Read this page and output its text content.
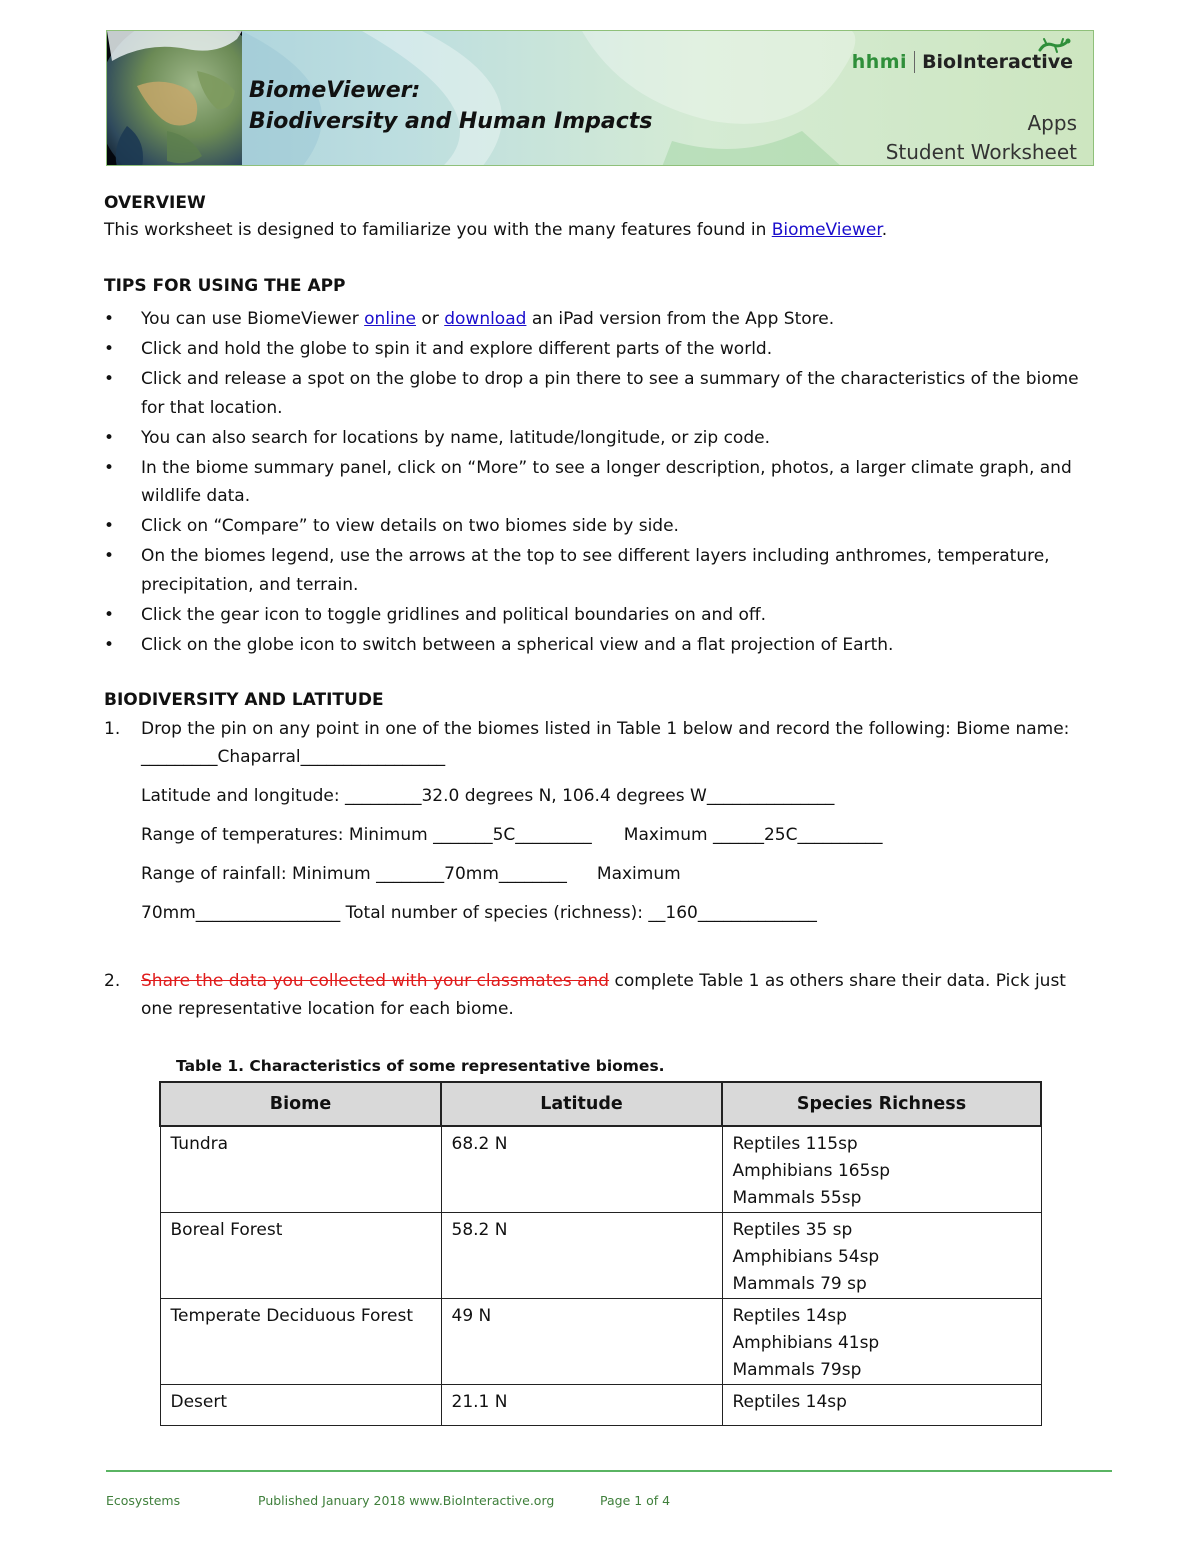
BiomeViewer:
Biodiversity and Human Impacts
hhmi BioInteractive
Apps
Student Worksheet
OVERVIEW

This worksheet is designed to familiarize you with the many features found in BiomeViewer.

TIPS FOR USING THE APP
• You can use BiomeViewer online or download an iPad version from the App Store.
• Click and hold the globe to spin it and explore different parts of the world.
• Click and release a spot on the globe to drop a pin there to see a summary of the characteristics of the biome for that location.
• You can also search for locations by name, latitude/longitude, or zip code.
• In the biome summary panel, click on “More” to see a longer description, photos, a larger climate graph, and wildlife data.
• Click on “Compare” to view details on two biomes side by side.
• On the biomes legend, use the arrows at the top to see different layers including anthromes, temperature, precipitation, and terrain.
• Click the gear icon to toggle gridlines and political boundaries on and off.
• Click on the globe icon to switch between a spherical view and a flat projection of Earth.
BIODIVERSITY AND LATITUDE
1. Drop the pin on any point in one of the biomes listed in Table 1 below and record the following: Biome name: _________Chaparral_________________
Latitude and longitude: _________32.0 degrees N, 106.4 degrees W_______________
Range of temperatures: Minimum _______5C_________ Maximum ______25C__________
Range of rainfall: Minimum ________70mm________ Maximum
70mm_________________ Total number of species (richness): __160______________
2. Share the data you collected with your classmates and complete Table 1 as others share their data. Pick just one representative location for each biome.
Table 1. Characteristics of some representative biomes.
Biome	Latitude	Species Richness
Tundra	68.2 N	Reptiles 115sp
Amphibians 165sp
Mammals 55sp

Boreal Forest	58.2 N	Reptiles 35 sp
Amphibians 54sp
Mammals 79 sp

Temperate Deciduous Forest	49 N	Reptiles 14sp
Amphibians 41sp
Mammals 79sp

Desert	21.1 N	Reptiles 14sp
Ecosystems	Published January 2018 www.BioInteractive.org	Page 1 of 4
